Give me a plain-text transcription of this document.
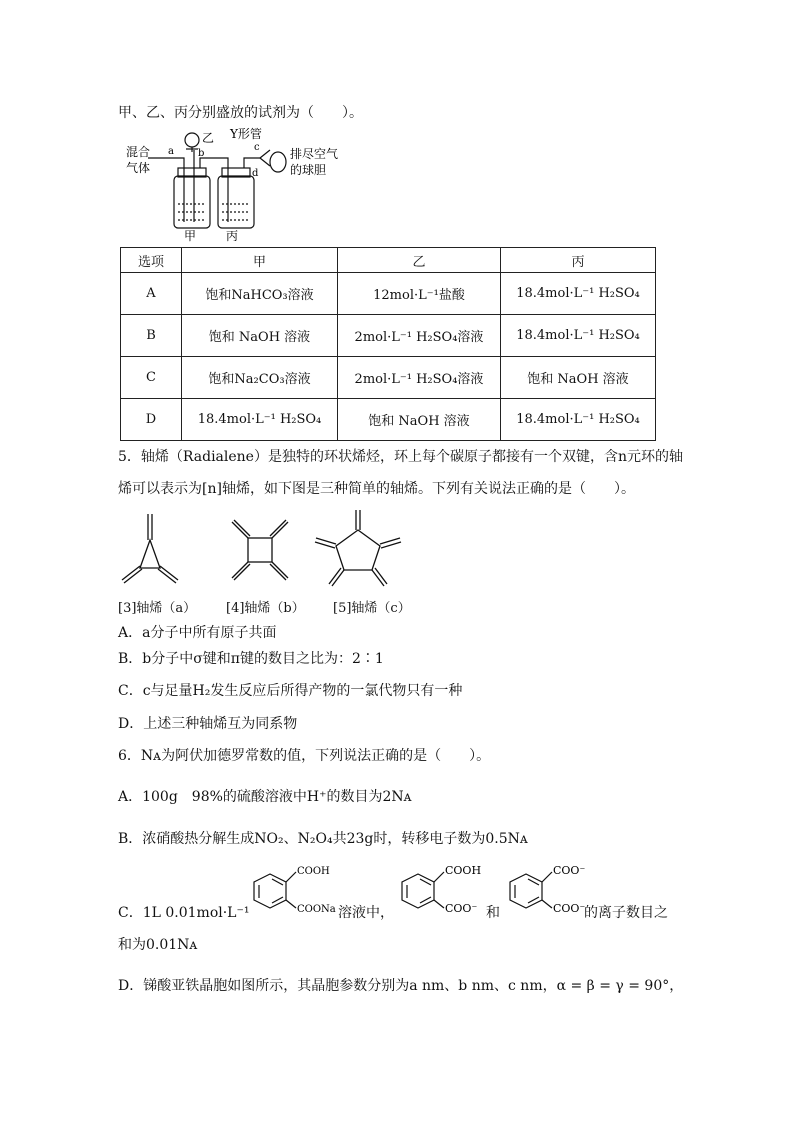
甲、乙、丙分别盛放的试剂为（　　）。
混合
气体
a b
乙 Y形管
c
d
排尽空气
的球胆
甲 丙
选项	甲	乙	丙
A	饱和NaHCO₃溶液	12mol·L⁻¹盐酸	18.4mol·L⁻¹ H₂SO₄
B	饱和 NaOH 溶液	2mol·L⁻¹ H₂SO₄溶液	18.4mol·L⁻¹ H₂SO₄
C	饱和Na₂CO₃溶液	2mol·L⁻¹ H₂SO₄溶液	饱和 NaOH 溶液
D	18.4mol·L⁻¹ H₂SO₄	饱和 NaOH 溶液	18.4mol·L⁻¹ H₂SO₄
5．轴烯（Radialene）是独特的环状烯烃，环上每个碳原子都接有一个双键，含n元环的轴
烯可以表示为[n]轴烯，如下图是三种简单的轴烯。下列有关说法正确的是（　　）。
[3]轴烯（a） [4]轴烯（b） [5]轴烯（c）
A．a分子中所有原子共面
B．b分子中σ键和π键的数目之比为：2∶1
C．c与足量H₂发生反应后所得产物的一氯代物只有一种
D．上述三种轴烯互为同系物
6．Nᴀ为阿伏加德罗常数的值，下列说法正确的是（　　）。
A．100g　98%的硫酸溶液中H⁺的数目为2Nᴀ
B．浓硝酸热分解生成NO₂、N₂O₄共23g时，转移电子数为0.5Nᴀ
C．1L 0.01mol·L⁻¹
COOH
COONa 溶液中，
COOH
COO⁻ 和
COO⁻
COO⁻
的离子数目之
和为0.01Nᴀ
D．锑酸亚铁晶胞如图所示，其晶胞参数分别为a nm、b nm、c nm，α = β = γ = 90°，
